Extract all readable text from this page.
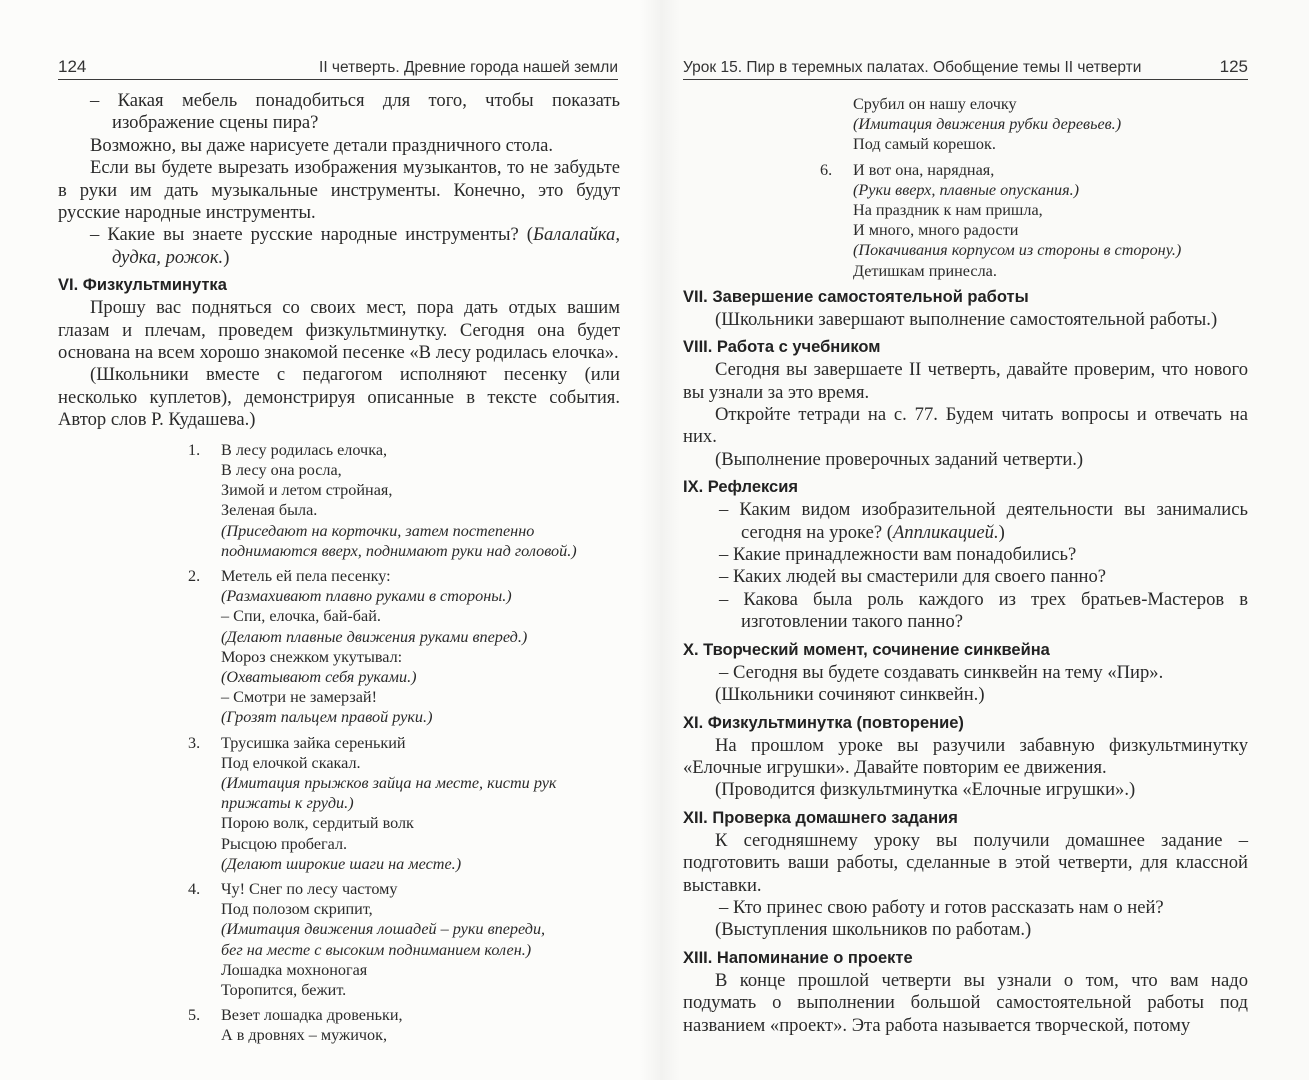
124	II четверть. Древние города нашей земли	Урок 15. Пир в теремных палатах. Обобщение темы II четверти	125

– Какая мебель понадобиться для того, чтобы показать изображение сцены пира?

Возможно, вы даже нарисуете детали праздничного стола.

Если вы будете вырезать изображения музыкантов, то не забудьте в руки им дать музыкальные инструменты. Конечно, это будут русские народные инструменты.

– Какие вы знаете русские народные инструменты? (Балалайка, дудка, рожок.)

VI. Физкультминутка

Прошу вас подняться со своих мест, пора дать отдых вашим глазам и плечам, проведем физкультминутку. Сегодня она будет основана на всем хорошо знакомой песенке «В лесу родилась елочка».

(Школьники вместе с педагогом исполняют песенку (или несколько куплетов), демонстрируя описанные в тексте события. Автор слов Р. Кудашева.)

1.	В лесу родилась елочка,
В лесу она росла,
Зимой и летом стройная,
Зеленая была.
(Приседают на корточки, затем постепенно
поднимаются вверх, поднимают руки над головой.)
2.	Метель ей пела песенку:
(Размахивают плавно руками в стороны.)
– Спи, елочка, бай-бай.
(Делают плавные движения руками вперед.)
Мороз снежком укутывал:
(Охватывают себя руками.)
– Смотри не замерзай!
(Грозят пальцем правой руки.)
3.	Трусишка зайка серенький
Под елочкой скакал.
(Имитация прыжков зайца на месте, кисти рук
прижаты к груди.)
Порою волк, сердитый волк
Рысцою пробегал.
(Делают широкие шаги на месте.)
4.	Чу! Снег по лесу частому
Под полозом скрипит,
(Имитация движения лошадей – руки впереди,
бег на месте с высоким подниманием колен.)
Лошадка мохноногая
Торопится, бежит.
5.	Везет лошадка дровеньки,
А в дровнях – мужичок,
Срубил он нашу елочку
(Имитация движения рубки деревьев.)
Под самый корешок.
6.	И вот она, нарядная,
(Руки вверх, плавные опускания.)
На праздник к нам пришла,
И много, много радости
(Покачивания корпусом из стороны в сторону.)
Детишкам принесла.
VII. Завершение самостоятельной работы

(Школьники завершают выполнение самостоятельной работы.)

VIII. Работа с учебником

Сегодня вы завершаете II четверть, давайте проверим, что нового вы узнали за это время.

Откройте тетради на с. 77. Будем читать вопросы и отвечать на них.

(Выполнение проверочных заданий четверти.)

IX. Рефлексия

– Каким видом изобразительной деятельности вы занимались сегодня на уроке? (Аппликацией.)

– Какие принадлежности вам понадобились?

– Каких людей вы смастерили для своего панно?

– Какова была роль каждого из трех братьев-Мастеров в изготовлении такого панно?

X. Творческий момент, сочинение синквейна

– Сегодня вы будете создавать синквейн на тему «Пир».

(Школьники сочиняют синквейн.)

XI. Физкультминутка (повторение)

На прошлом уроке вы разучили забавную физкультминутку «Елочные игрушки». Давайте повторим ее движения.

(Проводится физкультминутка «Елочные игрушки».)

XII. Проверка домашнего задания

К сегодняшнему уроку вы получили домашнее задание – подготовить ваши работы, сделанные в этой четверти, для классной выставки.

– Кто принес свою работу и готов рассказать нам о ней?

(Выступления школьников по работам.)

XIII. Напоминание о проекте

В конце прошлой четверти вы узнали о том, что вам надо подумать о выполнении большой самостоятельной работы под названием «проект». Эта работа называется творческой, потому
